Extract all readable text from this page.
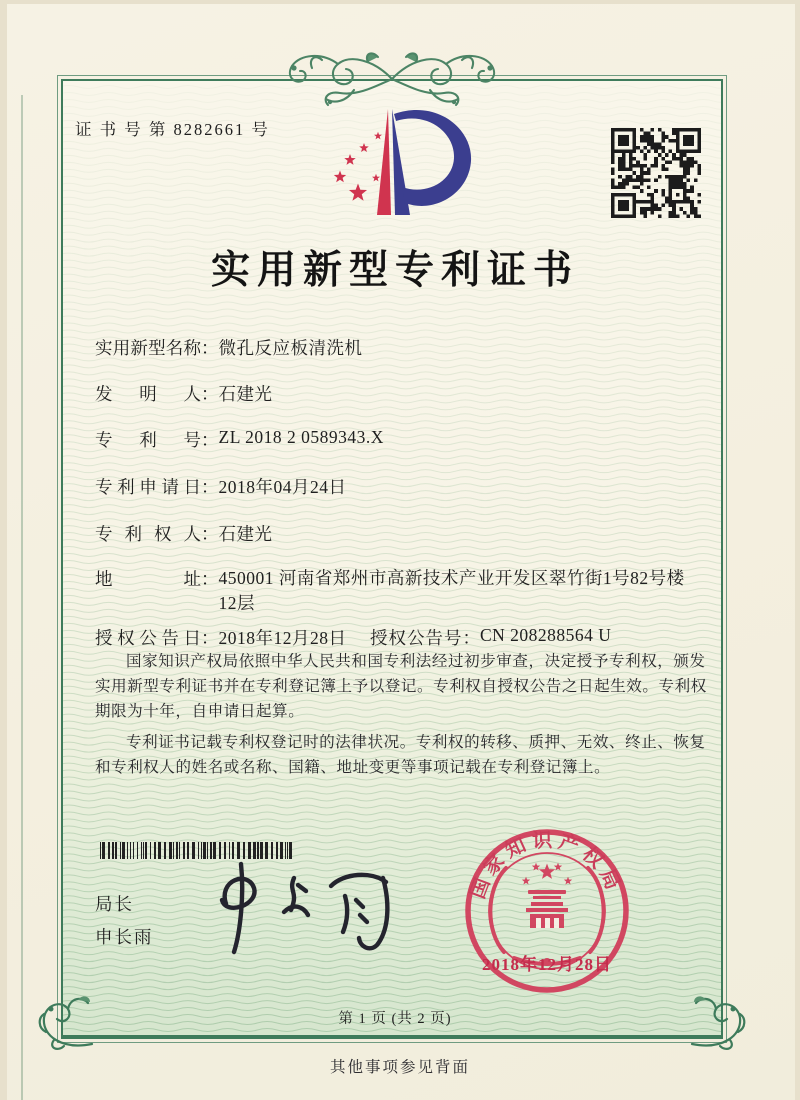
证 书 号 第 8282661 号
实用新型专利证书
实用新型名称：微孔反应板清洗机
发明人：石建光
专利号：ZL 2018 2 0589343.X
专利申请日：2018年04月24日
专利权人：石建光
地址：450001 河南省郑州市高新技术产业开发区翠竹街1号82号楼12层
授权公告日：2018年12月28日 授权公告号：CN 208288564 U

国家知识产权局依照中华人民共和国专利法经过初步审查，决定授予专利权，颁发实用新型专利证书并在专利登记簿上予以登记。专利权自授权公告之日起生效。专利权期限为十年，自申请日起算。

专利证书记载专利权登记时的法律状况。专利权的转移、质押、无效、终止、恢复和专利权人的姓名或名称、国籍、地址变更等事项记载在专利登记簿上。

局长
申长雨
国家知识产权局
2018年12月28日
第 1 页 (共 2 页)
其他事项参见背面
